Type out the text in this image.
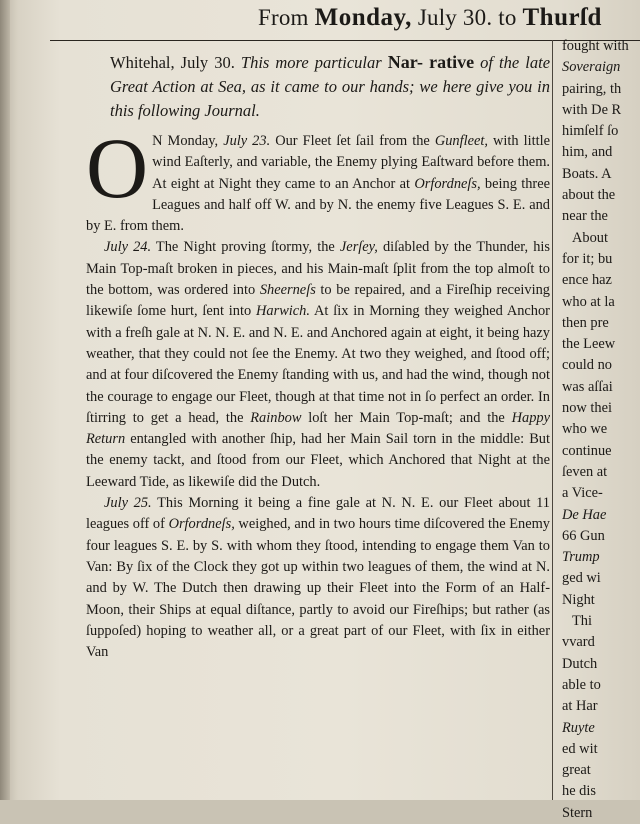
From Monday, July 30. to Thurſd
Whitehal, July 30. This more particular Nar- rative of the late Great Action at Sea, as it came to our hands; we here give you in this following Journal.

O N Monday, July 23. Our Fleet ſet ſail from the Gunfleet, with little wind Eaſterly, and variable, the Enemy plying Eaſtward before them. At eight at Night they came to an Anchor at Orfordneſs, being three Leagues and half off W. and by N. the enemy five Leagues S. E. and by E. from them.

July 24. The Night proving ſtormy, the Jerſey, diſabled by the Thunder, his Main Top-maſt broken in pieces, and his Main-maſt ſplit from the top almoſt to the bottom, was ordered into Sheerneſs to be repaired, and a Fireſhip receiving likewiſe ſome hurt, ſent into Harwich. At ſix in Morning they weighed Anchor with a freſh gale at N. N. E. and N. E. and Anchored again at eight, it being hazy weather, that they could not ſee the Enemy. At two they weighed, and ſtood off; and at four diſcovered the Enemy ſtanding with us, and had the wind, though not the courage to engage our Fleet, though at that time not in ſo perfect an order. In ſtirring to get a head, the Rainbow loſt her Main Top-maſt; and the Happy Return entangled with another ſhip, had her Main Sail torn in the middle: But the enemy tackt, and ſtood from our Fleet, which Anchored that Night at the Leeward Tide, as likewiſe did the Dutch.

July 25. This Morning it being a fine gale at N. N. E. our Fleet about 11 leagues off of Orfordneſs, weighed, and in two hours time diſcovered the Enemy four leagues S. E. by S. with whom they ſtood, intending to engage them Van to Van: By ſix of the Clock they got up within two leagues of them, the wind at N. and by W. The Dutch then drawing up their Fleet into the Form of an Half-Moon, their Ships at equal diſtance, partly to avoid our Fireſhips; but rather (as ſuppoſed) hoping to weather all, or a great part of our Fleet, with ſix in either Van

fought with
Soveraign
pairing, th
with De R
himſelf ſo
him, and
Boats. A
about the
near the
About
for it; bu
ence haz
who at la
then pre
the Leew
could no
was aſſai
now thei
who we
continue
ſeven at
a Vice-
De Hae
66 Gun
Trump
ged wi
Night
Thi
vvard
Dutch
able to
at Har
Ruyte
ed wit
great
he dis
Stern
